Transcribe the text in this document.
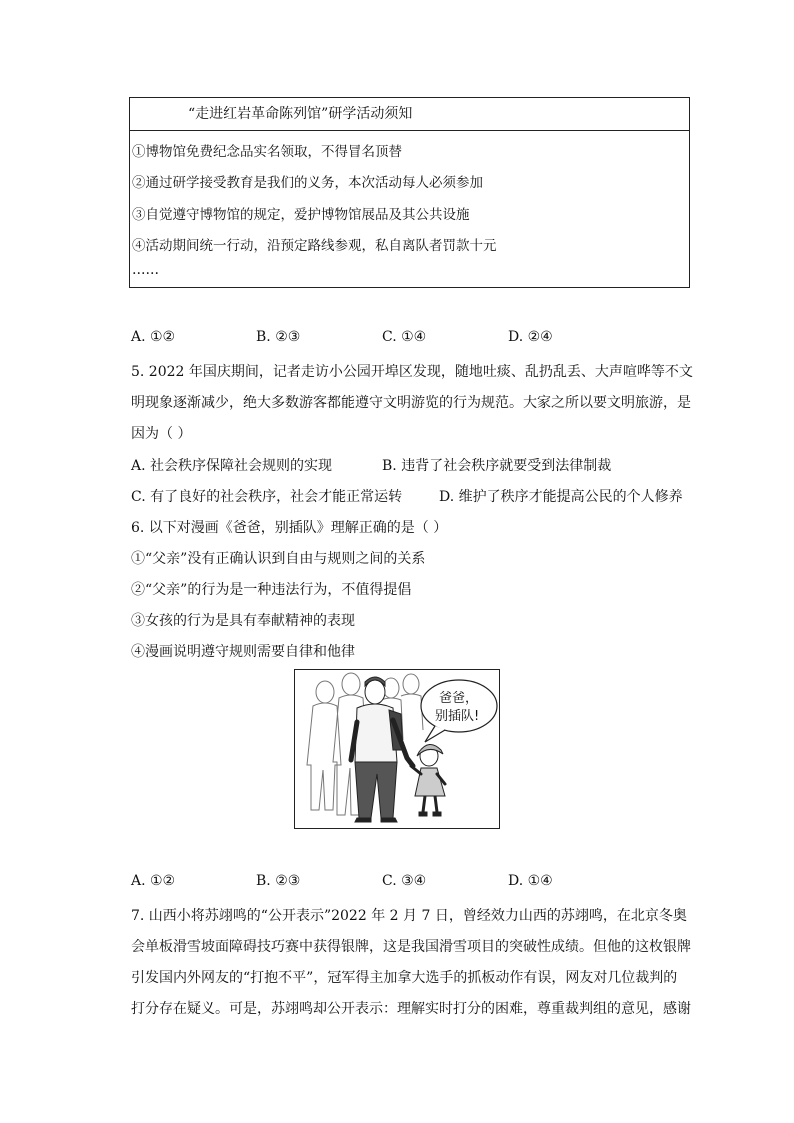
“走进红岩革命陈列馆”研学活动须知
①博物馆免费纪念品实名领取，不得冒名顶替
②通过研学接受教育是我们的义务，本次活动每人必须参加
③自觉遵守博物馆的规定，爱护博物馆展品及其公共设施
④活动期间统一行动，沿预定路线参观，私自离队者罚款十元
……
A. ①②	B. ②③	C. ①④	D. ②④
5. 2022 年国庆期间，记者走访小公园开埠区发现，随地吐痰、乱扔乱丢、大声喧哗等不文
明现象逐渐减少，绝大多数游客都能遵守文明游览的行为规范。大家之所以要文明旅游，是
因为（ ）
A. 社会秩序保障社会规则的实现	B. 违背了社会秩序就要受到法律制裁
C. 有了良好的社会秩序，社会才能正常运转	D. 维护了秩序才能提高公民的个人修养
6. 以下对漫画《爸爸，别插队》理解正确的是（ ）
①“父亲”没有正确认识到自由与规则之间的关系
②“父亲”的行为是一种违法行为，不值得提倡
③女孩的行为是具有奉献精神的表现
④漫画说明遵守规则需要自律和他律
爸爸，
别插队!
A. ①②	B. ②③	C. ③④	D. ①④
7. 山西小将苏翊鸣的“公开表示”2022 年 2 月 7 日，曾经效力山西的苏翊鸣，在北京冬奥
会单板滑雪坡面障碍技巧赛中获得银牌，这是我国滑雪项目的突破性成绩。但他的这枚银牌
引发国内外网友的“打抱不平”，冠军得主加拿大选手的抓板动作有误，网友对几位裁判的
打分存在疑义。可是，苏翊鸣却公开表示：理解实时打分的困难，尊重裁判组的意见，感谢
